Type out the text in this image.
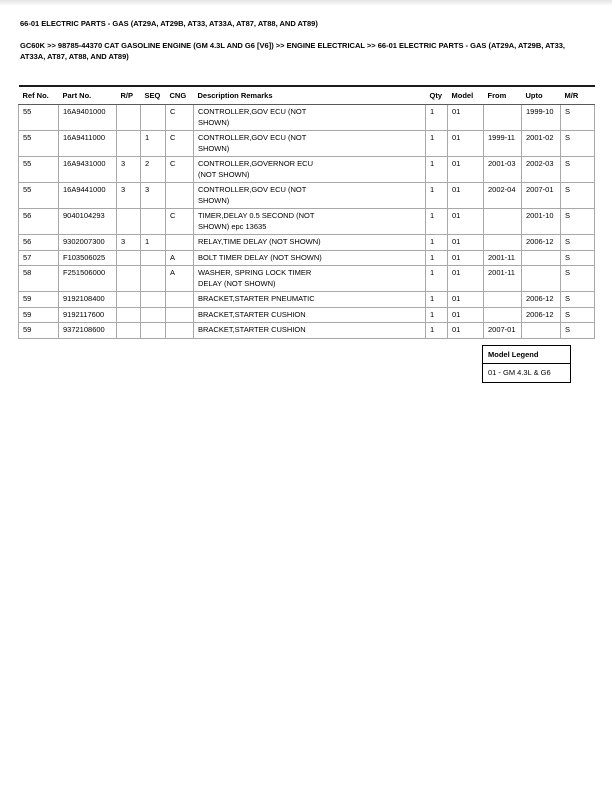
66-01 ELECTRIC PARTS - GAS (AT29A, AT29B, AT33, AT33A, AT87, AT88, AND AT89)
GC60K >> 98785-44370 CAT GASOLINE ENGINE (GM 4.3L AND G6 [V6]) >> ENGINE ELECTRICAL >> 66-01 ELECTRIC PARTS - GAS (AT29A, AT29B, AT33, AT33A, AT87, AT88, AND AT89)
Ref No.	Part No.	R/P	SEQ	CNG	Description Remarks	Qty	Model	From	Upto	M/R
55	16A9401000			C	CONTROLLER,GOV ECU (NOT
SHOWN)	1	01		1999-10	S
55	16A9411000		1	C	CONTROLLER,GOV ECU (NOT
SHOWN)	1	01	1999-11	2001-02	S
55	16A9431000	3	2	C	CONTROLLER,GOVERNOR ECU
(NOT SHOWN)	1	01	2001-03	2002-03	S
55	16A9441000	3	3		CONTROLLER,GOV ECU (NOT
SHOWN)	1	01	2002-04	2007-01	S
56	9040104293			C	TIMER,DELAY 0.5 SECOND (NOT
SHOWN) epc 13635	1	01		2001-10	S
56	9302007300	3	1		RELAY,TIME DELAY (NOT SHOWN)	1	01		2006-12	S
57	F103506025			A	BOLT TIMER DELAY (NOT SHOWN)	1	01	2001-11		S
58	F251506000			A	WASHER, SPRING LOCK TIMER
DELAY (NOT SHOWN)	1	01	2001-11		S
59	9192108400				BRACKET,STARTER PNEUMATIC	1	01		2006-12	S
59	9192117600				BRACKET,STARTER CUSHION	1	01		2006-12	S
59	9372108600				BRACKET,STARTER CUSHION	1	01	2007-01		S
Model Legend
01 - GM 4.3L & G6
